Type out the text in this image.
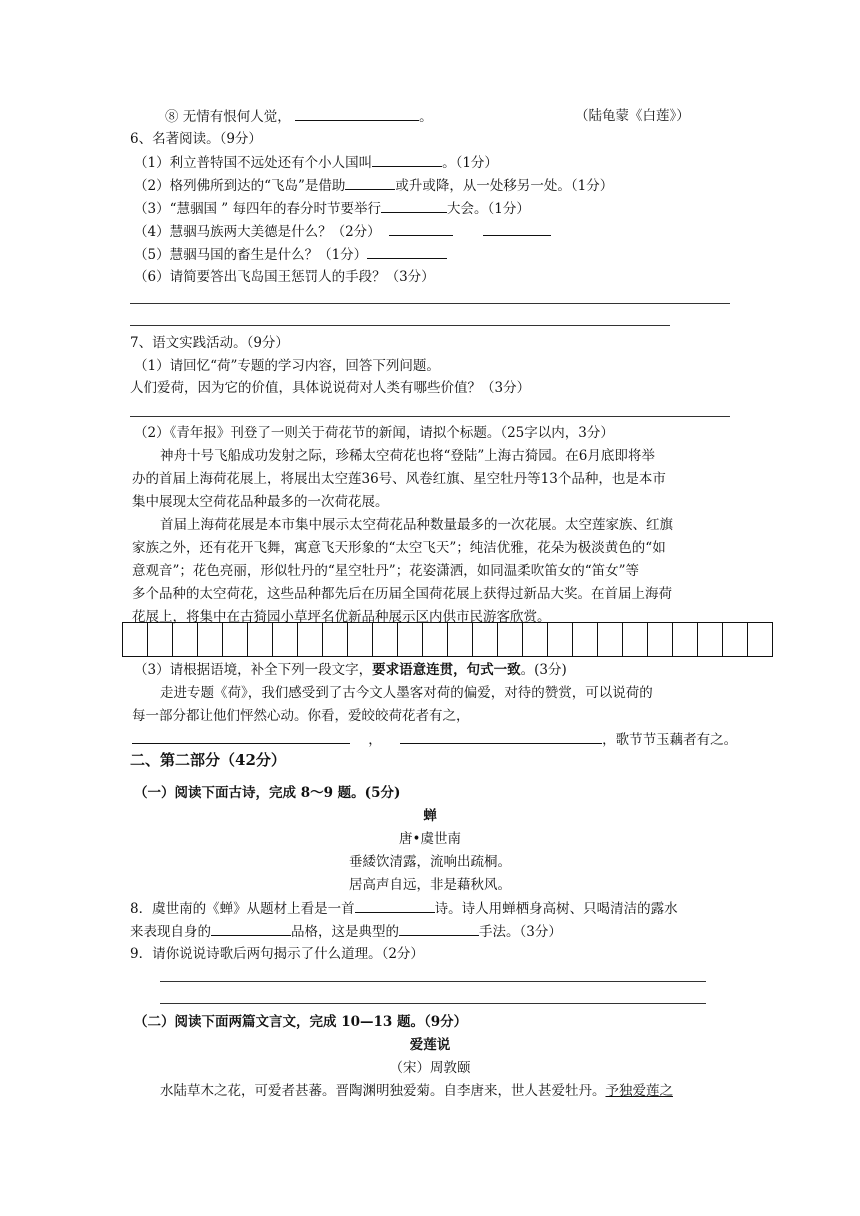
⑧ 无情有恨何人觉，	。	（陆龟蒙《白莲》）
6、名著阅读。（9分）
（1）利立普特国不远处还有个小人国叫	。（1分）
（2）格列佛所到达的“飞岛”是借助	或升或降，从一处移另一处。（1分）
（3）“慧骃国 ” 每四年的春分时节要举行	大会。（1分）
（4）慧骃马族两大美德是什么？（2分）
（5）慧骃马国的畜生是什么？（1分）
（6）请简要答出飞岛国王惩罚人的手段？（3分）
7、语文实践活动。（9分）
（1）请回忆“荷”专题的学习内容，回答下列问题。
人们爱荷，因为它的价值，具体说说荷对人类有哪些价值？（3分）
（2）《青年报》刊登了一则关于荷花节的新闻，请拟个标题。（25字以内，3分）
神舟十号飞船成功发射之际，珍稀太空荷花也将“登陆”上海古猗园。在6月底即将举
办的首届上海荷花展上，将展出太空莲36号、风卷红旗、星空牡丹等13个品种，也是本市
集中展现太空荷花品种最多的一次荷花展。
首届上海荷花展是本市集中展示太空荷花品种数量最多的一次花展。太空莲家族、红旗
家族之外，还有花开飞舞，寓意飞天形象的“太空飞天”；纯洁优雅，花朵为极淡黄色的“如
意观音”；花色亮丽，形似牡丹的“星空牡丹”；花姿潇洒，如同温柔吹笛女的“笛女”等
多个品种的太空荷花，这些品种都先后在历届全国荷花展上获得过新品大奖。在首届上海荷
花展上，将集中在古猗园小草坪名优新品种展示区内供市民游客欣赏。

（3）请根据语境，补全下列一段文字，要求语意连贯，句式一致。(3分)
走进专题《荷》，我们感受到了古今文人墨客对荷的偏爱，对待的赞赏，可以说荷的
每一部分都让他们怦然心动。你看，爱皎皎荷花者有之，
，	，歌节节玉藕者有之。
二、第二部分（42分）
（一）阅读下面古诗，完成 8～9 题。(5分)
蝉
唐•虞世南
垂緌饮清露，流响出疏桐。
居高声自远，非是藉秋风。
8．虞世南的《蝉》从题材上看是一首	诗。诗人用蝉栖身高树、只喝清洁的露水
来表现自身的	品格，这是典型的	手法。（3分）
9．请你说说诗歌后两句揭示了什么道理。（2分）
（二）阅读下面两篇文言文，完成 10—13 题。（9分）
爱莲说
（宋）周敦颐
水陆草木之花，可爱者甚蕃。晋陶渊明独爱菊。自李唐来，世人甚爱牡丹。予独爱莲之
